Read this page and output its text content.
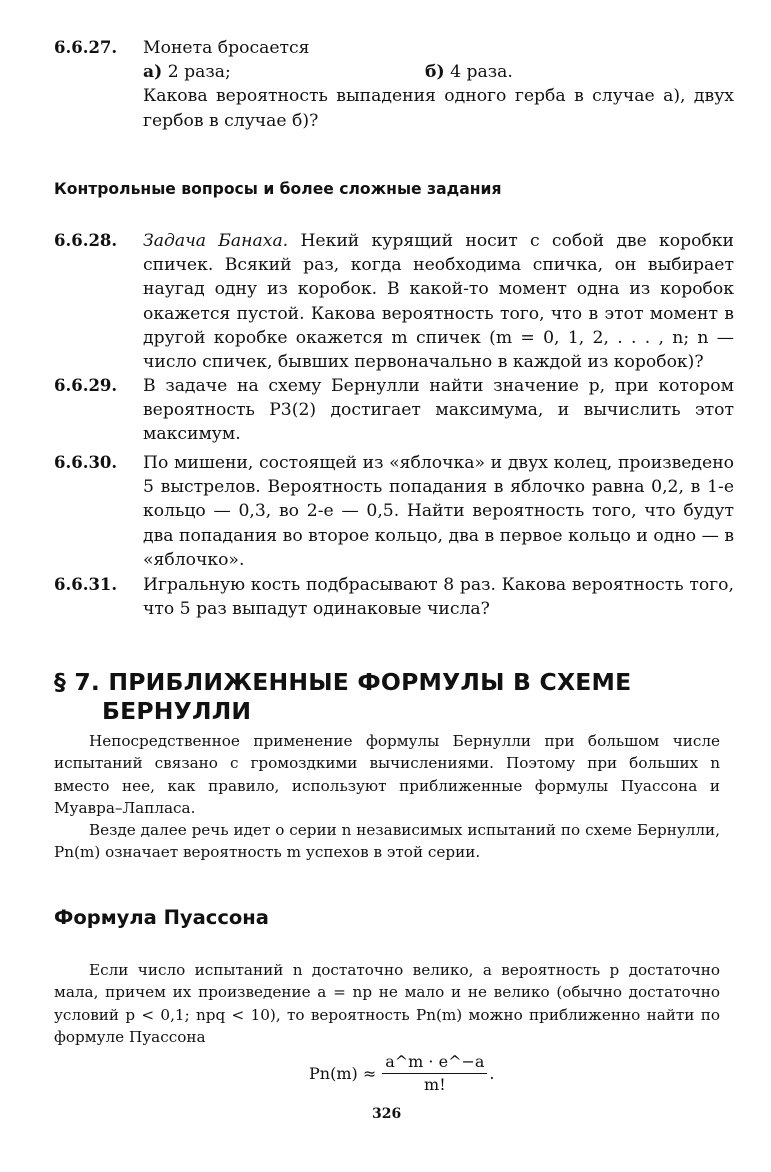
6.6.27.	Монета бросается

а) 2 раза;	б) 4 раза.

Какова вероятность выпадения одного герба в случае а), двух гербов в случае б)?

Контрольные вопросы и более сложные задания
6.6.28.	Задача Банаха. Некий курящий носит с собой две коробки спичек. Всякий раз, когда необходима спичка, он выбирает наугад одну из коробок. В какой-то момент одна из коробок окажется пустой. Какова вероятность того, что в этот момент в другой коробке окажется m спичек (m = 0, 1, 2, . . . , n; n — число спичек, бывших первоначально в каждой из коробок)?

6.6.29.	В задаче на схему Бернулли найти значение p, при котором вероятность P3(2) достигает максимума, и вычислить этот максимум.

6.6.30.	По мишени, состоящей из «яблочка» и двух колец, произведено 5 выстрелов. Вероятность попадания в яблочко равна 0,2, в 1-е кольцо — 0,3, во 2-е — 0,5. Найти вероятность того, что будут два попадания во второе кольцо, два в первое кольцо и одно — в «яблочко».

6.6.31.	Игральную кость подбрасывают 8 раз. Какова вероятность того, что 5 раз выпадут одинаковые числа?

§ 7. ПРИБЛИЖЕННЫЕ ФОРМУЛЫ В СХЕМЕ
БЕРНУЛЛИ

Непосредственное применение формулы Бернулли при большом числе испытаний связано с громоздкими вычислениями. Поэтому при больших n вместо нее, как правило, используют приближенные формулы Пуассона и Муавра–Лапласа.

Везде далее речь идет о серии n независимых испытаний по схеме Бернулли, Pn(m) означает вероятность m успехов в этой серии.

Формула Пуассона

Если число испытаний n достаточно велико, а вероятность p достаточно мала, причем их произведение a = np не мало и не велико (обычно достаточно условий p < 0,1; npq < 10), то вероятность Pn(m) можно приближенно найти по формуле Пуассона

$Pn(m) \approx \frac{a\^{}m \cdot e\^{}-a}{m!}$ .
326
